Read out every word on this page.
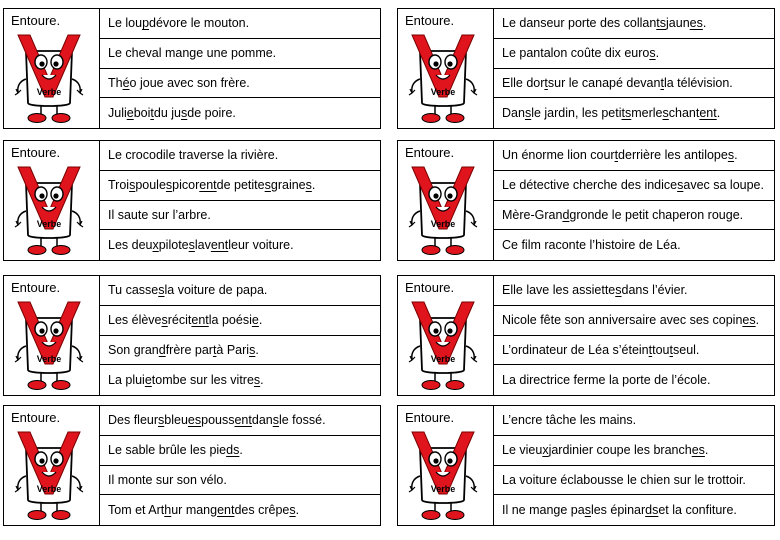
Entoure.
Verbe
Le lou p dévore le mouton.
Le cheval mange une pomme.
Th é o joue avec son frère.
Juli e boi t du ju s de poire.
Entoure.
Verbe
Le danseur porte des collan ts jaun es .
Le pantalon coûte dix euro s .
Elle dor t sur le canapé devan t la télévision.
Dan s le jardin, les peti ts merle s chant ent .
Entoure.
Verbe
Le crocodile traverse la rivière.
Troi s poule s picor ent de petite s graine s .
Il saute sur l’arbre.
Les deu x pilote s lav ent leur voiture.
Entoure.
Verbe
Un énorme lion cour t derrière les antilope s .
Le détective cherche des indice s avec sa loupe.
Mère-Gran d gronde le petit chaperon rouge.
Ce film raconte l’histoire de Léa.
Entoure.
Verbe
Tu casse s la voiture de papa.
Les élève s récit ent la poési e .
Son gran d frère par t à Pari s .
La plui e tombe sur les vitre s .
Entoure.
Verbe
Elle lave les assiette s dans l’évier.
Nicole fête son anniversaire avec ses copin es .
L’ordinateur de Léa s’étein t tou t seul.
La directrice ferme la porte de l’école.
Entoure.
Verbe
Des fleur s bleu es pouss ent dan s le fossé.
Le sable brûle les pie ds .
Il monte sur son vélo.
Tom et Art h ur mang ent des crêpe s .
Entoure.
Verbe
L’encre tâche les mains.
Le vieu x jardinier coupe les branch es .
La voiture éclabousse le chien sur le trottoir.
Il ne mange pa s les épinar ds et la confiture.
